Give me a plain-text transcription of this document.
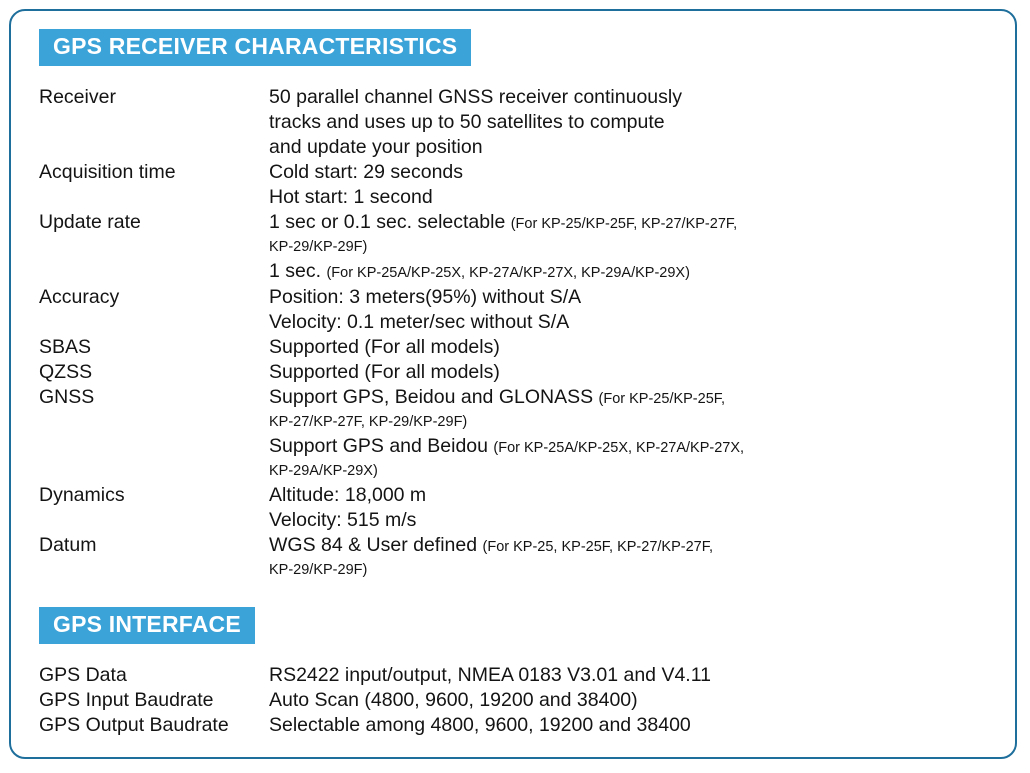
GPS RECEIVER CHARACTERISTICS
Receiver	50 parallel channel GNSS receiver continuously
tracks and uses up to 50 satellites to compute
and update your position

Acquisition time	Cold start: 29 seconds
Hot start: 1 second

Update rate	1 sec or 0.1 sec. selectable (For KP-25/KP-25F, KP-27/KP-27F,
KP-29/KP-29F)
1 sec. (For KP-25A/KP-25X, KP-27A/KP-27X, KP-29A/KP-29X)

Accuracy	Position: 3 meters(95%) without S/A
Velocity: 0.1 meter/sec without S/A

SBAS	Supported (For all models)

QZSS	Supported (For all models)

GNSS	Support GPS, Beidou and GLONASS (For KP-25/KP-25F,
KP-27/KP-27F, KP-29/KP-29F)
Support GPS and Beidou (For KP-25A/KP-25X, KP-27A/KP-27X,
KP-29A/KP-29X)

Dynamics	Altitude: 18,000 m
Velocity: 515 m/s

Datum	WGS 84 & User defined (For KP-25, KP-25F, KP-27/KP-27F,
KP-29/KP-29F)
GPS INTERFACE
GPS Data	RS2422 input/output, NMEA 0183 V3.01 and V4.11
GPS Input Baudrate	Auto Scan (4800, 9600, 19200 and 38400)
GPS Output Baudrate	Selectable among 4800, 9600, 19200 and 38400
